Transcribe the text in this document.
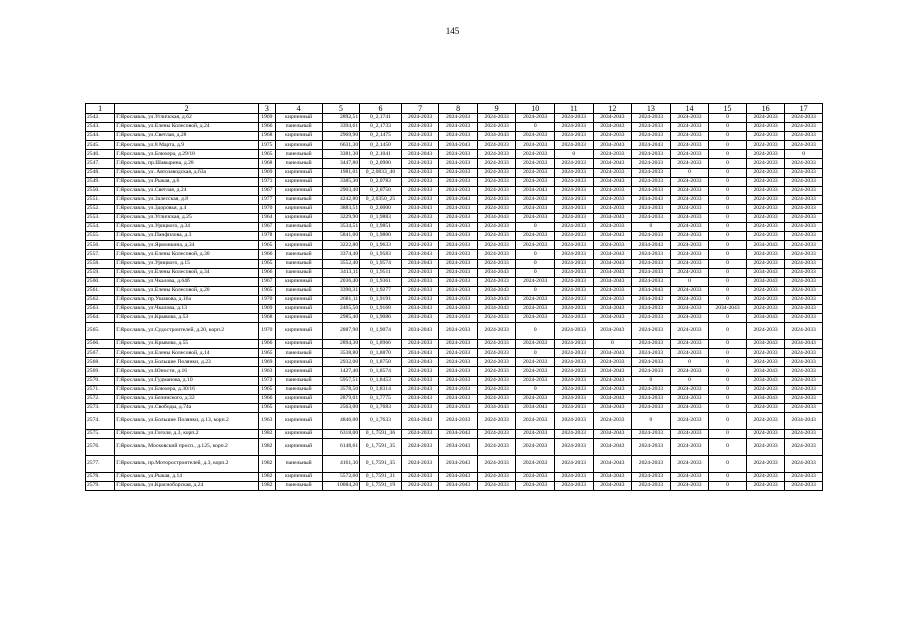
145
1	2	3	4	5	6	7	8	9	10	11	12	13	14	15	16	17
2542.	Г.Ярославль, ул.Угличская, д.62	1969	кирпичный	2892,51	0_2,1741	2024-2033	2024-2033	2024-2033	2024-2033	2024-2033	2034-2043	2024-2033	2024-2033	0	2024-2033	2024-2033
2543.	Г.Ярославль, ул.Елены Колесовой, д.24	1966	панельный	3394,61	0_2,1733	2024-2033	2024-2033	2024-2033	0	2024-2033	2034-2043	2024-2033	2024-2033	0	2024-2033	2024-2033
2544.	Г.Ярославль, ул.Светлая, д.28	1968	кирпичный	2969,90	0_2,1475	2024-2033	2024-2033	2034-2043	2024-2033	2024-2033	2024-2033	2024-2033	2024-2033	0	2024-2033	2024-2033
2545.	Г.Ярославль, ул.8 Марта, д.9	1975	кирпичный	6631,30	0_2,1450	2024-2033	2034-2043	2024-2033	2024-2033	2024-2033	2034-2043	2024-2043	2024-2033	0	2024-2033	2024-2033
2546.	Г.Ярославль, ул.Блюхера, д.29/18	1965	панельный	3381,30	0_2,1041	2034-2043	2024-2033	2024-2033	2024-2033	0	2024-2033	2024-2033	2024-2033	0	2024-2033	0
2547.	Г.Ярославль, пр.Шавырина, д.28	1968	панельный	3447,80	0_2,0900	2024-2033	2024-2033	2024-2033	2024-2033	2024-2033	2034-2043	2024-2033	2024-2033	0	2024-2033	2024-2033
2548.	Г.Ярославль, ул. Автозаводская, д.63а	1969	кирпичный	1981,01	0_2,0833_40	2024-2033	2024-2033	2024-2033	2024-2033	2024-2033	2024-2033	2024-2033	0	0	2024-2033	2024-2033
2549.	Г.Ярославль, ул.Рыкая, д.6	1971	кирпичный	3385,30	0_2,0783	2024-2033	2024-2033	2024-2033	2024-2033	2024-2033	2034-2043	2024-2033	2024-2033	0	2024-2033	2024-2033
2550.	Г.Ярославль, ул.Светлая, д.24	1967	кирпичный	2903,40	0_2,0750	2024-2033	2024-2033	2024-2033	2034-2043	2024-2033	2024-2033	2024-2033	2024-2033	0	2024-2033	2024-2033
2551.	Г.Ярославль, ул.Залесская, д.8	1977	панельный	4242,80	0_2,0350_25	2024-2033	2034-2043	2024-2033	2024-2033	2024-2033	2024-2033	2034-2043	2024-2033	0	2024-2033	2024-2033
2552.	Г.Ярославль, ул.Здоровья, д.4	1970	кирпичный	3883,51	0_2,0000	2034-2043	2024-2033	2024-2033	2024-2033	2024-2033	2024-2033	2024-2033	2024-2033	0	2024-2033	2024-2033
2553.	Г.Ярославль, ул.Угличская, д.25	1964	кирпичный	3229,90	0_1,9883	2024-2033	2024-2033	2034-2043	2024-2033	2024-2033	2034-2043	2024-2033	2024-2033	0	2024-2033	2024-2033
2554.	Г.Ярославль, ул.Урицкого, д.34	1967	панельный	3534,51	0_1,9851	2034-2043	2024-2033	2024-2033	0	2024-2033	2024-2033	0	2024-2033	0	2024-2033	2024-2033
2555.	Г.Ярославль, ул.Панфилова, д.3	1978	кирпичный	5841,00	0_1,9800	2024-2033	2024-2033	2024-2033	2024-2033	2024-2033	2034-2043	2024-2033	2024-2033	0	2024-2033	2024-2033
2556.	Г.Ярославль, ул.Ярмонкина, д.34	1965	кирпичный	3222,80	0_1,9633	2024-2033	2024-2033	2024-2033	2024-2033	2024-2033	2024-2033	2034-2043	2024-2033	0	2034-2043	2024-2033
2557.	Г.Ярославль, ул.Елены Колесовой, д.30	1966	панельный	3374,40	0_1,9583	2034-2043	2024-2033	2024-2033	0	2024-2033	2034-2043	2024-2033	2024-2033	0	2024-2033	2024-2033
2558.	Г.Ярославль, ул.Урицкого, д.15	1965	панельный	3552,40	0_1,9574	2034-2043	2024-2033	2024-2033	0	2024-2033	2034-2043	2024-2033	2024-2033	0	2024-2033	2024-2033
2559.	Г.Ярославль, ул.Елены Колесовой, д.34	1966	панельный	3413,11	0_1,9511	2024-2033	2024-2033	2034-2043	0	2024-2033	2034-2043	2024-2033	2024-2033	0	2034-2043	2024-2033
2560.	Г.Ярославль, ул.Чкалова, д.64б	1967	кирпичный	2036,40	0_1,9361	2024-2033	2024-2033	2024-2033	2024-2033	2024-2033	2034-2043	2024-2033	0	0	2034-2043	2024-2033
2561.	Г.Ярославль, ул.Елены Колесовой, д.20	1965	панельный	3390,31	0_1,9277	2024-2033	2024-2033	2034-2043	0	2024-2033	2024-2033	2034-2043	2024-2033	0	2024-2033	2024-2033
2562.	Г.Ярославль, пр.Ушакова, д.16а	1970	кирпичный	2681,11	0_1,9191	2024-2033	2024-2033	2034-2043	2024-2033	2024-2033	2024-2033	2034-2043	2024-2033	0	2024-2033	2024-2033
2563.	Г.Ярославль, ул.Чкалова, д.13	1969	кирпичный	2465,50	0_1,9168	2034-2043	2024-2033	2034-2043	2024-2033	2024-2033	2034-2043	2024-2033	2024-2033	2034-2043	2024-2033	2024-2033
2564.	Г.Ярославль, ул.Крывова, д.53	1968	кирпичный	2985,40	0_1,9086	2034-2043	2024-2033	2024-2033	2024-2033	2024-2033	2034-2043	2024-2033	2024-2033	0	2034-2043	2024-2033
2565.	Г.Ярославль, ул.Судостроителей, д.20, корп.2	1970	кирпичный	2887,90	0_1,9074	2034-2043	2024-2033	2024-2033	0	2024-2033	2034-2043	2024-2033	2024-2033	0	2024-2033	2024-2033
2566.	Г.Ярославль, ул.Крывова, д.55	1966	кирпичный	2894,30	0_1,8966	2024-2033	2024-2033	2024-2033	2024-2033	2024-2033	0	2024-2033	2024-2033	0	2034-2043	2034-2043
2567.	Г.Ярославль, ул.Елены Колесовой, д.14	1965	панельный	3538,80	0_1,8870	2034-2043	2024-2033	2024-2033	0	2024-2033	2034-2043	2024-2033	2024-2033	0	2024-2033	2024-2033
2568.	Г.Ярославль, ул.Большие Полянки, д.23	1969	кирпичный	2932,00	0_1,8750	2034-2043	2024-2033	2024-2033	2024-2033	2024-2033	2024-2033	2024-2033	0	0	2024-2033	2024-2033
2569.	Г.Ярославль, ул.Юности, д.16	1963	кирпичный	1427,40	0_1,8574	2024-2033	2024-2033	2024-2033	2024-2033	2024-2033	2034-2043	2024-2033	2024-2033	0	2034-2043	2024-2033
2570.	Г.Ярославль, ул.Гудманова, д.10	1972	панельный	5957,51	0_1,8453	2024-2033	2024-2033	2024-2033	2024-2033	2024-2033	2024-2043	0	0	0	2034-2043	2024-2033
2571.	Г.Ярославль, ул.Блюхера, д.30/16	1965	панельный	3578,50	0_1,8314	2034-2043	2024-2033	2024-2033	0	2024-2033	2034-2043	2024-2033	2024-2033	0	2024-2033	2024-2033
2572.	Г.Ярославль, ул.Белинского, д.32	1966	кирпичный	2879,01	0_1,7775	2034-2043	2024-2033	2024-2033	2024-2033	2024-2033	2034-2043	2024-2033	2024-2033	0	2034-2043	2024-2033
2573.	Г.Ярославль, ул.Свободы, д.74а	1965	кирпичный	2563,00	0_1,7683	2024-2033	2024-2033	2034-2043	2034-2043	2024-2033	2034-2043	2024-2033	2024-2033	0	2024-2033	2024-2033
2574.	Г.Ярославль, ул.Большие Полянки, д.13, корп.2	1963	кирпичный	4846,00	0_1,7633	2034-2043	2024-2033	2024-2033	2024-2033	2024-2033	2024-2033	0	2024-2033	0	2024-2033	2034-2043
2575.	Г.Ярославль, ул.Гоголя, д.3, корп.2	1982	кирпичный	6318,00	0_1,7591_36	2024-2033	2034-2043	2024-2033	2024-2033	2024-2033	2034-2043	2024-2033	2024-2033	0	2024-2033	2024-2033
2576.	Г.Ярославль, Московский просп., д.125, корп.2	1982	кирпичный	6148,61	0_1,7591_35	2024-2033	2034-2043	2024-2033	2024-2033	2024-2033	2034-2043	2024-2033	2024-2033	0	2024-2033	2024-2033
2577.	Г.Ярославль, пр.Моторостроителей, д.3, корп.2	1982	панельный	4161,30	0_1,7591_35	2024-2033	2034-2043	2024-2033	2024-2033	2024-2033	2034-2043	2024-2033	2024-2033	0	2024-2033	2024-2033
2578.	Г.Ярославль, ул.Рыкая, д.14	1982	кирпичный	5572,60	0_1,7591_31	2024-2033	2034-2043	2024-2033	2024-2033	2024-2033	2034-2043	2024-2033	2024-2033	0	2024-2033	2024-2033
2579.	Г.Ярославль, ул.Красноборская, д.24	1982	панельный	10084,20	0_1,7591_19	2024-2033	2034-2043	2024-2033	2024-2033	2024-2033	2034-2043	2024-2033	2024-2033	0	2024-2033	2024-2033
